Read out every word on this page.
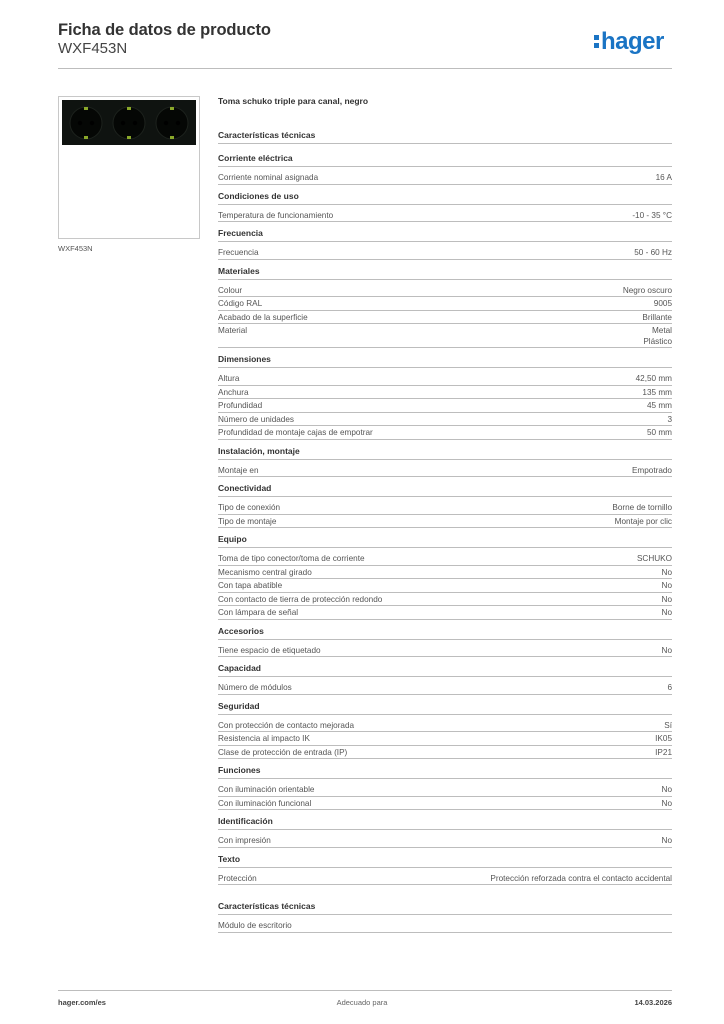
Ficha de datos de producto
WXF453N	hager
WXF453N
Toma schuko triple para canal, negro
Características técnicas
Corriente eléctrica
Corriente nominal asignada	16 A
Condiciones de uso
Temperatura de funcionamiento	-10 - 35 °C
Frecuencia
Frecuencia	50 - 60 Hz
Materiales
Colour	Negro oscuro
Código RAL	9005
Acabado de la superficie	Brillante
Material	Metal
Plástico
Dimensiones
Altura	42,50 mm
Anchura	135 mm
Profundidad	45 mm
Número de unidades	3
Profundidad de montaje cajas de empotrar	50 mm
Instalación, montaje
Montaje en	Empotrado
Conectividad
Tipo de conexión	Borne de tornillo
Tipo de montaje	Montaje por clic
Equipo
Toma de tipo conector/toma de corriente	SCHUKO
Mecanismo central girado	No
Con tapa abatible	No
Con contacto de tierra de protección redondo	No
Con lámpara de señal	No
Accesorios
Tiene espacio de etiquetado	No
Capacidad
Número de módulos	6
Seguridad
Con protección de contacto mejorada	Sí
Resistencia al impacto IK	IK05
Clase de protección de entrada (IP)	IP21
Funciones
Con iluminación orientable	No
Con iluminación funcional	No
Identificación
Con impresión	No
Texto
Protección	Protección reforzada contra el contacto accidental
Características técnicas
Módulo de escritorio
hager.com/es	Adecuado para	14.03.2026
